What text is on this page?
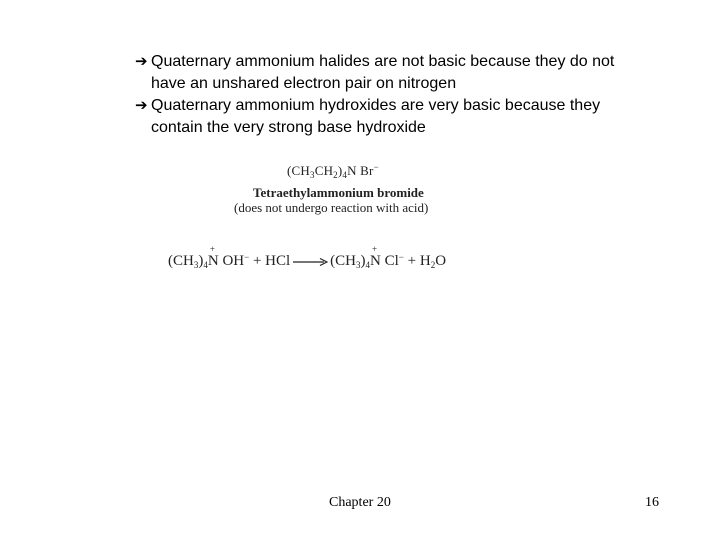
➔ Quaternary ammonium halides are not basic because they do not
have an unshared electron pair on nitrogen
➔ Quaternary ammonium hydroxides are very basic because they
contain the very strong base hydroxide
$(CH_3CH_2)_4N$ Br−
Tetraethylammonium bromide
(does not undergo reaction with acid)
$(CH_3)_4$
+
N OH− + HCl → $(CH_3)_4$
+
N $Cl^- + H_2O$
Chapter 20	16
